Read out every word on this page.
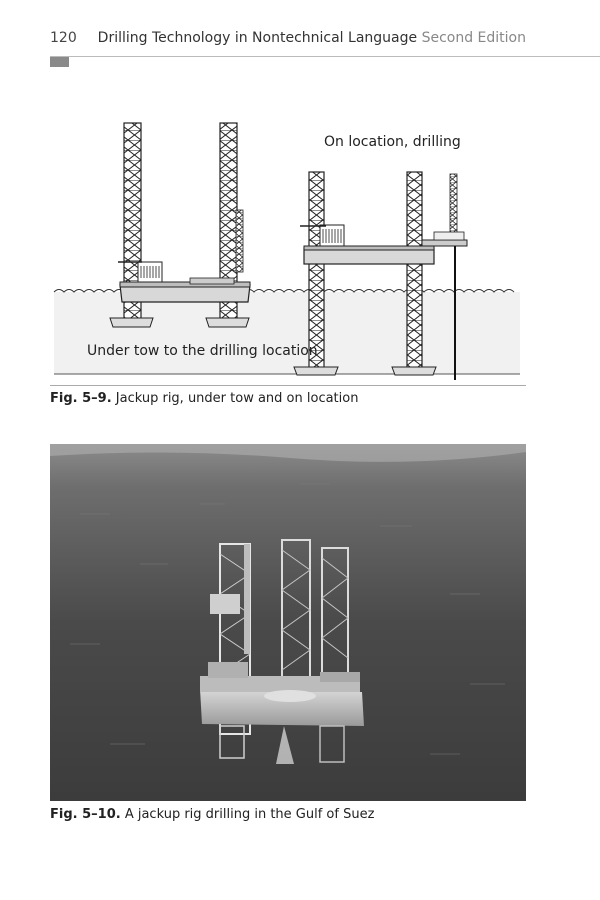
120 Drilling Technology in Nontechnical Language Second Edition
On location, drilling
Under tow to the drilling location
Fig. 5–9. Jackup rig, under tow and on location
Fig. 5–10. A jackup rig drilling in the Gulf of Suez
